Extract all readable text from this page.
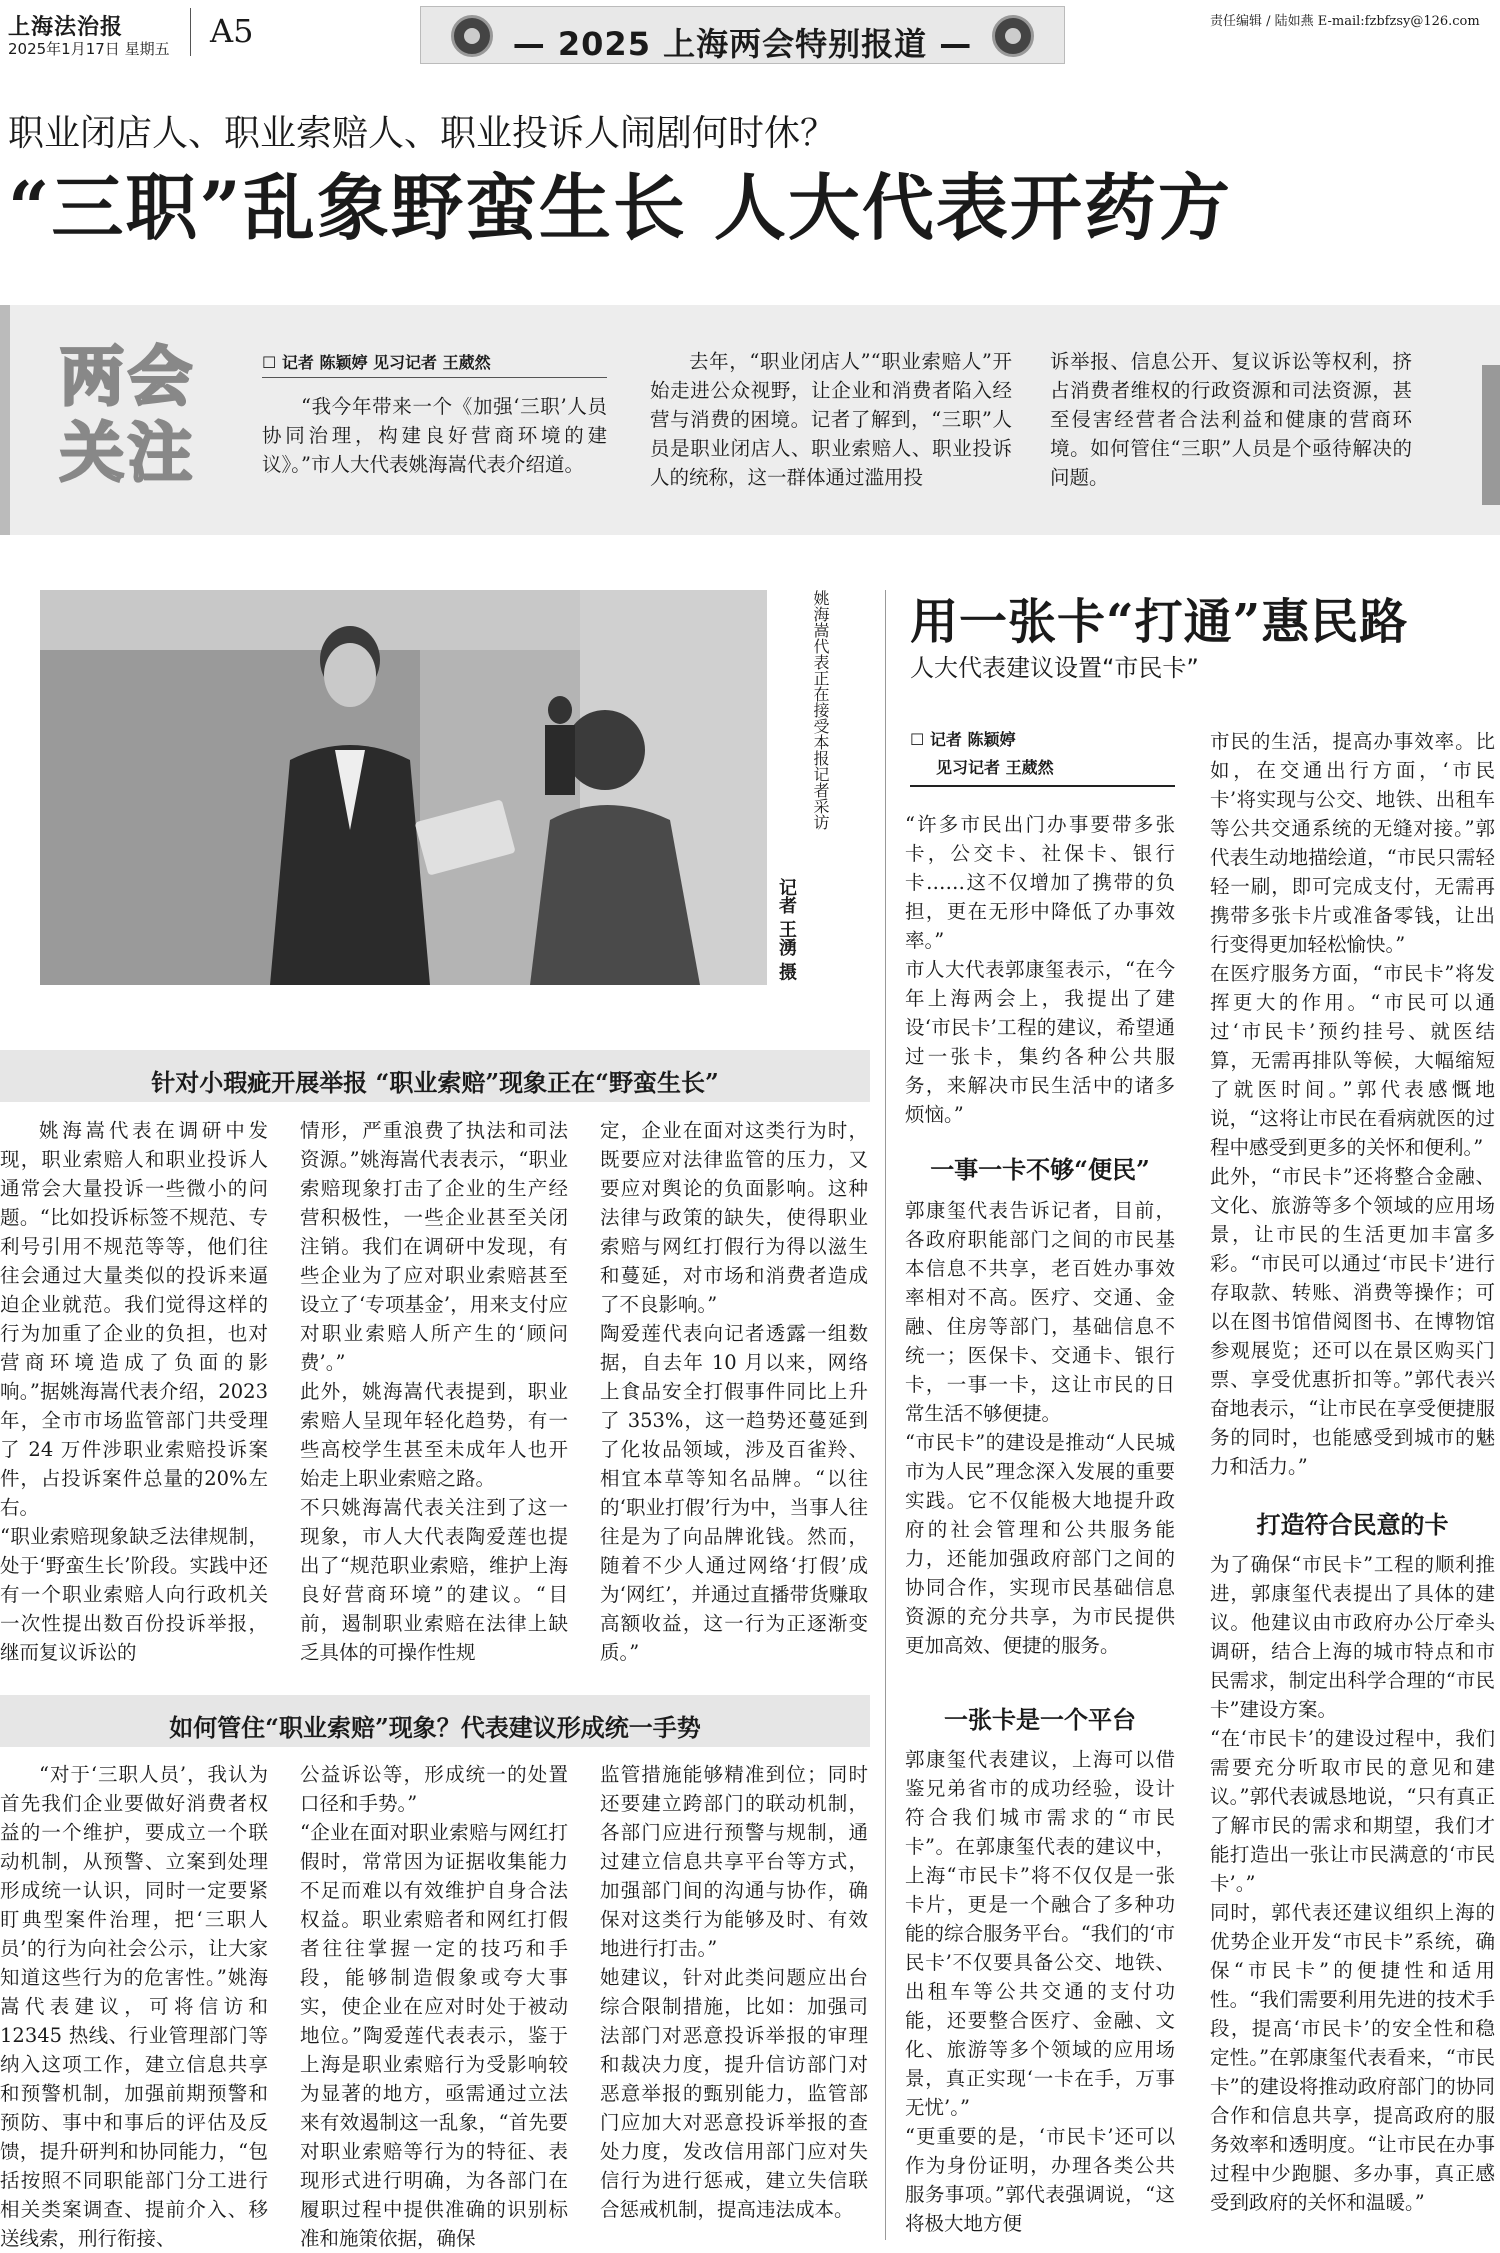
上海法治报
2025年1月17日 星期五 A5	— 2025 上海两会特别报道 —
责任编辑 / 陆如燕 E-mail:fzbfzsy@126.com
职业闭店人、职业索赔人、职业投诉人闹剧何时休？
“三职”乱象野蛮生长 人大代表开药方
两会
关注
☐ 记者 陈颖婷 见习记者 王葳然
“我今年带来一个《加强‘三职’人员协同治理，构建良好营商环境的建议》。”市人大代表姚海嵩代表介绍道。
去年，“职业闭店人”“职业索赔人”开始走进公众视野，让企业和消费者陷入经营与消费的困境。记者了解到，“三职”人员是职业闭店人、职业索赔人、职业投诉人的统称，这一群体通过滥用投
诉举报、信息公开、复议诉讼等权利，挤占消费者维权的行政资源和司法资源，甚至侵害经营者合法利益和健康的营商环境。如何管住“三职”人员是个亟待解决的问题。
姚海嵩代表正在接受本报记者采访
记者 王湧 摄
针对小瑕疵开展举报 “职业索赔”现象正在“野蛮生长”
姚海嵩代表在调研中发现，职业索赔人和职业投诉人通常会大量投诉一些微小的问题。“比如投诉标签不规范、专利号引用不规范等等，他们往往会通过大量类似的投诉来逼迫企业就范。我们觉得这样的行为加重了企业的负担，也对营商环境造成了负面的影响。”据姚海嵩代表介绍，2023 年，全市市场监管部门共受理了 24 万件涉职业索赔投诉案件，占投诉案件总量的20%左右。
“职业索赔现象缺乏法律规制，处于‘野蛮生长’阶段。实践中还有一个职业索赔人向行政机关一次性提出数百份投诉举报，继而复议诉讼的
情形，严重浪费了执法和司法资源。”姚海嵩代表表示，“职业索赔现象打击了企业的生产经营积极性，一些企业甚至关闭注销。我们在调研中发现，有些企业为了应对职业索赔甚至设立了‘专项基金’，用来支付应对职业索赔人所产生的‘顾问费’。”
此外，姚海嵩代表提到，职业索赔人呈现年轻化趋势，有一些高校学生甚至未成年人也开始走上职业索赔之路。
不只姚海嵩代表关注到了这一现象，市人大代表陶爱莲也提出了“规范职业索赔，维护上海良好营商环境”的建议。“目前，遏制职业索赔在法律上缺乏具体的可操作性规
定，企业在面对这类行为时，既要应对法律监管的压力，又要应对舆论的负面影响。这种法律与政策的缺失，使得职业索赔与网红打假行为得以滋生和蔓延，对市场和消费者造成了不良影响。”
陶爱莲代表向记者透露一组数据，自去年 10 月以来，网络上食品安全打假事件同比上升了 353%，这一趋势还蔓延到了化妆品领域，涉及百雀羚、相宜本草等知名品牌。“以往的‘职业打假’行为中，当事人往往是为了向品牌讹钱。然而，随着不少人通过网络‘打假’成为‘网红’，并通过直播带货赚取高额收益，这一行为正逐渐变质。”
如何管住“职业索赔”现象？代表建议形成统一手势
“对于‘三职人员’，我认为首先我们企业要做好消费者权益的一个维护，要成立一个联动机制，从预警、立案到处理形成统一认识，同时一定要紧盯典型案件治理，把‘三职人员’的行为向社会公示，让大家知道这些行为的危害性。”姚海嵩代表建议，可将信访和 12345 热线、行业管理部门等纳入这项工作，建立信息共享和预警机制，加强前期预警和预防、事中和事后的评估及反馈，提升研判和协同能力，“包括按照不同职能部门分工进行相关类案调查、提前介入、移送线索，刑行衔接、
公益诉讼等，形成统一的处置口径和手势。”
“企业在面对职业索赔与网红打假时，常常因为证据收集能力不足而难以有效维护自身合法权益。职业索赔者和网红打假者往往掌握一定的技巧和手段，能够制造假象或夸大事实，使企业在应对时处于被动地位。”陶爱莲代表表示，鉴于上海是职业索赔行为受影响较为显著的地方，亟需通过立法来有效遏制这一乱象，“首先要对职业索赔等行为的特征、表现形式进行明确，为各部门在履职过程中提供准确的识别标准和施策依据，确保
监管措施能够精准到位；同时还要建立跨部门的联动机制，各部门应进行预警与规制，通过建立信息共享平台等方式，加强部门间的沟通与协作，确保对这类行为能够及时、有效地进行打击。”
她建议，针对此类问题应出台综合限制措施，比如：加强司法部门对恶意投诉举报的审理和裁决力度，提升信访部门对恶意举报的甄别能力，监管部门应加大对恶意投诉举报的查处力度，发改信用部门应对失信行为进行惩戒，建立失信联合惩戒机制，提高违法成本。
用一张卡“打通”惠民路
人大代表建议设置“市民卡”
☐ 记者 陈颖婷
见习记者 王葳然
“许多市民出门办事要带多张卡，公交卡、社保卡、银行卡……这不仅增加了携带的负担，更在无形中降低了办事效率。”
市人大代表郭康玺表示，“在今年上海两会上，我提出了建设‘市民卡’工程的建议，希望通过一张卡，集约各种公共服务，来解决市民生活中的诸多烦恼。”
一事一卡不够“便民”
郭康玺代表告诉记者，目前，各政府职能部门之间的市民基本信息不共享，老百姓办事效率相对不高。医疗、交通、金融、住房等部门，基础信息不统一；医保卡、交通卡、银行卡，一事一卡，这让市民的日常生活不够便捷。
“市民卡”的建设是推动“人民城市为人民”理念深入发展的重要实践。它不仅能极大地提升政府的社会管理和公共服务能力，还能加强政府部门之间的协同合作，实现市民基础信息资源的充分共享，为市民提供更加高效、便捷的服务。
一张卡是一个平台
郭康玺代表建议，上海可以借鉴兄弟省市的成功经验，设计符合我们城市需求的“市民卡”。在郭康玺代表的建议中，上海“市民卡”将不仅仅是一张卡片，更是一个融合了多种功能的综合服务平台。“我们的‘市民卡’不仅要具备公交、地铁、出租车等公共交通的支付功能，还要整合医疗、金融、文化、旅游等多个领域的应用场景，真正实现‘一卡在手，万事无忧’。”
“更重要的是，‘市民卡’还可以作为身份证明，办理各类公共服务事项。”郭代表强调说，“这将极大地方便
市民的生活，提高办事效率。比如，在交通出行方面，‘市民卡’将实现与公交、地铁、出租车等公共交通系统的无缝对接。”郭代表生动地描绘道，“市民只需轻轻一刷，即可完成支付，无需再携带多张卡片或准备零钱，让出行变得更加轻松愉快。”
在医疗服务方面，“市民卡”将发挥更大的作用。“市民可以通过‘市民卡’预约挂号、就医结算，无需再排队等候，大幅缩短了就医时间。”郭代表感慨地说，“这将让市民在看病就医的过程中感受到更多的关怀和便利。”
此外，“市民卡”还将整合金融、文化、旅游等多个领域的应用场景，让市民的生活更加丰富多彩。“市民可以通过‘市民卡’进行存取款、转账、消费等操作；可以在图书馆借阅图书、在博物馆参观展览；还可以在景区购买门票、享受优惠折扣等。”郭代表兴奋地表示，“让市民在享受便捷服务的同时，也能感受到城市的魅力和活力。”
打造符合民意的卡
为了确保“市民卡”工程的顺利推进，郭康玺代表提出了具体的建议。他建议由市政府办公厅牵头调研，结合上海的城市特点和市民需求，制定出科学合理的“市民卡”建设方案。
“在‘市民卡’的建设过程中，我们需要充分听取市民的意见和建议。”郭代表诚恳地说，“只有真正了解市民的需求和期望，我们才能打造出一张让市民满意的‘市民卡’。”
同时，郭代表还建议组织上海的优势企业开发“市民卡”系统，确保“市民卡”的便捷性和适用性。“我们需要利用先进的技术手段，提高‘市民卡’的安全性和稳定性。”在郭康玺代表看来，“市民卡”的建设将推动政府部门的协同合作和信息共享，提高政府的服务效率和透明度。“让市民在办事过程中少跑腿、多办事，真正感受到政府的关怀和温暖。”
